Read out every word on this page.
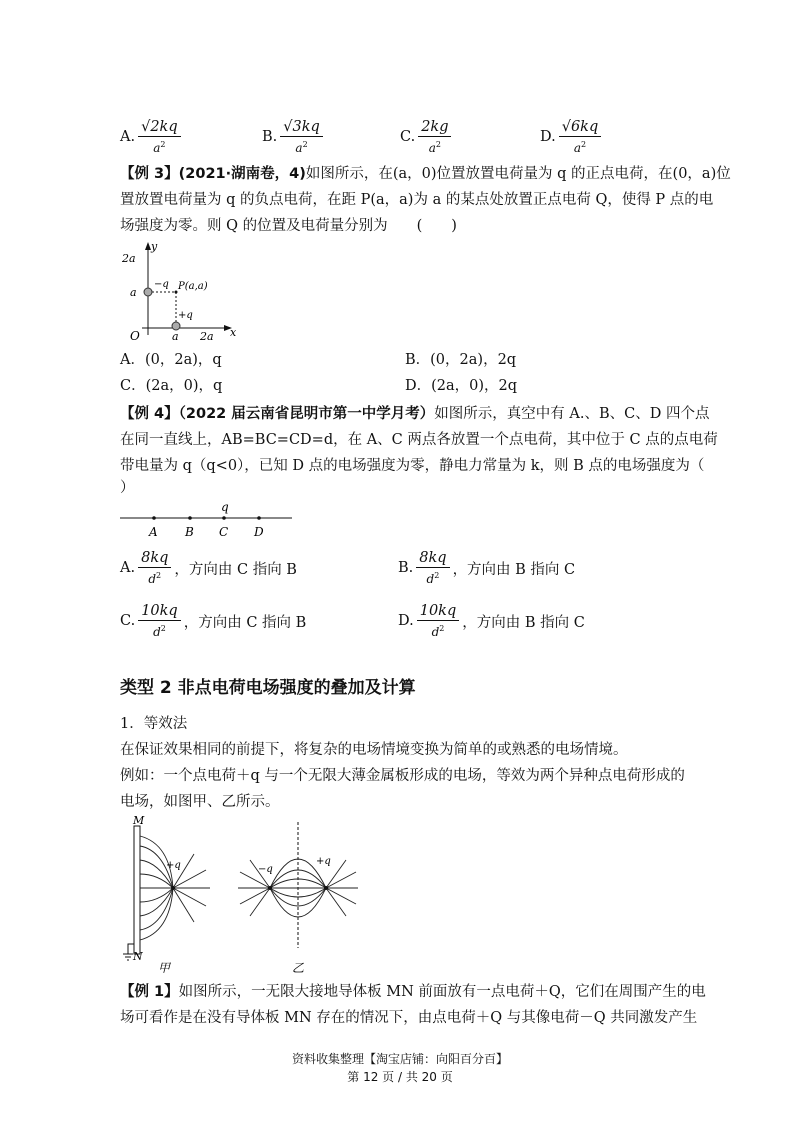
A. $\frac{√2kq}{a^2}$	B. $\frac{√3kq}{a^2}$	C. $\frac{2kg}{a^2}$	D. $\frac{√6kq}{a^2}$
【例 3】(2021·湖南卷，4)如图所示，在(a，0)位置放置电荷量为 q 的正点电荷，在(0，a)位
置放置电荷量为 q 的负点电荷，在距 P(a，a)为 a 的某点处放置正点电荷 Q，使得 P 点的电
场强度为零。则 Q 的位置及电荷量分别为　　(　　)
y
x
O
2a
a
a 2a
−q
+q
P(a,a)
A．(0，2a)，q	B．(0，2a)，2q
C．(2a，0)，q	D．(2a，0)，2q
【例 4】（2022 届云南省昆明市第一中学月考）如图所示，真空中有 A.、B、C、D 四个点
在同一直线上，AB=BC=CD=d，在 A、C 两点各放置一个点电荷，其中位于 C 点的点电荷
带电量为 q（q<0），已知 D 点的电场强度为零，静电力常量为 k，则 B 点的电场强度为（
）
q
A B C D
A. $\frac{8kq}{d^2}$ ，方向由 C 指向 B	B. $\frac{8kq}{d^2}$ ，方向由 B 指向 C
C. $\frac{10kq}{d^2}$ ，方向由 C 指向 B	D. $\frac{10kq}{d^2}$ ，方向由 B 指向 C
类型 2 非点电荷电场强度的叠加及计算
1．等效法
在保证效果相同的前提下，将复杂的电场情境变换为简单的或熟悉的电场情境。
例如：一个点电荷＋q 与一个无限大薄金属板形成的电场，等效为两个异种点电荷形成的
电场，如图甲、乙所示。
M
N
+q
甲
−q
+q
乙
【例 1】如图所示，一无限大接地导体板 MN 前面放有一点电荷＋Q，它们在周围产生的电
场可看作是在没有导体板 MN 存在的情况下，由点电荷＋Q 与其像电荷－Q 共同激发产生
资料收集整理【淘宝店铺：向阳百分百】
第 12 页 / 共 20 页
